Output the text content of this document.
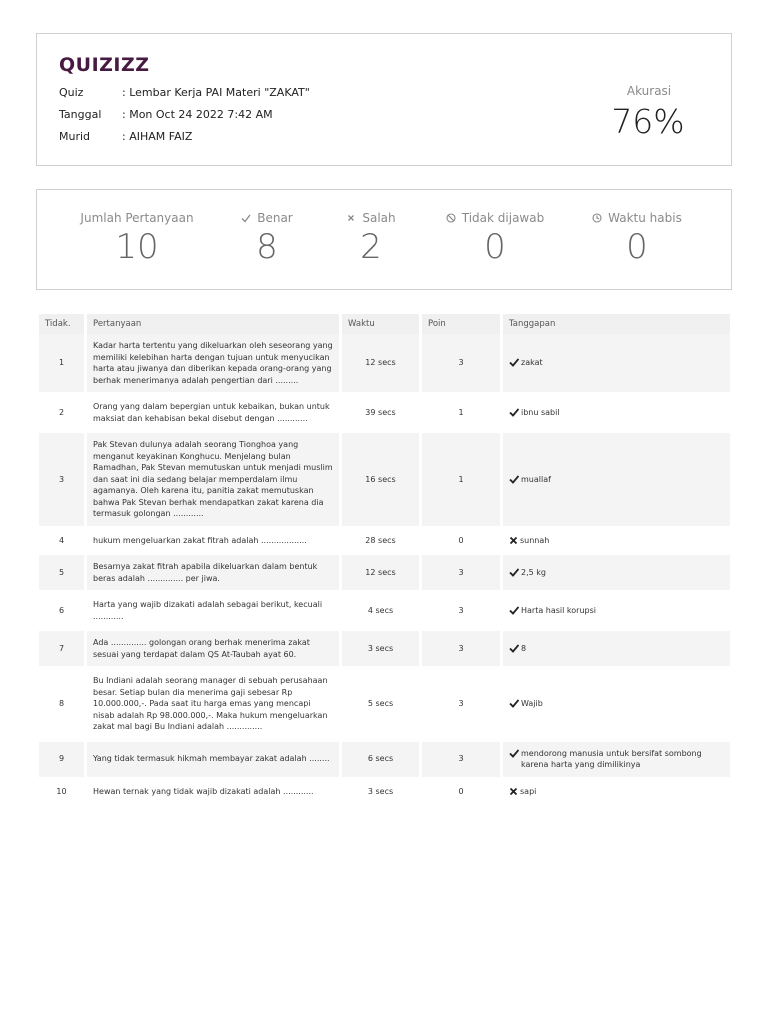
QUIZIZZ
Quiz	: Lembar Kerja PAI Materi "ZAKAT"
Tanggal : Mon Oct 24 2022 7:42 AM
Murid	: AIHAM FAIZ
Akurasi
76%
Jumlah Pertanyaan
10
Benar
8
Salah
2
Tidak dijawab
0
Waktu habis
0
Tidak.	Pertanyaan	Waktu	Poin	Tanggapan
1	Kadar harta tertentu yang dikeluarkan oleh seseorang yang memiliki kelebihan harta dengan tujuan untuk menyucikan harta atau jiwanya dan diberikan kepada orang-orang yang berhak menerimanya adalah pengertian dari .........	12 secs	3	zakat

2	Orang yang dalam bepergian untuk kebaikan, bukan untuk maksiat dan kehabisan bekal disebut dengan ............	39 secs	1	ibnu sabil

3	Pak Stevan dulunya adalah seorang Tionghoa yang menganut keyakinan Konghucu. Menjelang bulan Ramadhan, Pak Stevan memutuskan untuk menjadi muslim dan saat ini dia sedang belajar memperdalam ilmu agamanya. Oleh karena itu, panitia zakat memutuskan bahwa Pak Stevan berhak mendapatkan zakat karena dia termasuk golongan ............	16 secs	1	muallaf

4	hukum mengeluarkan zakat fitrah adalah ..................	28 secs	0	sunnah

5	Besarnya zakat fitrah apabila dikeluarkan dalam bentuk beras adalah .............. per jiwa.	12 secs	3	2,5 kg

6	Harta yang wajib dizakati adalah sebagai berikut, kecuali ............	4 secs	3	Harta hasil korupsi

7	Ada .............. golongan orang berhak menerima zakat sesuai yang terdapat dalam QS At-Taubah ayat 60.	3 secs	3	8

8	Bu Indiani adalah seorang manager di sebuah perusahaan besar. Setiap bulan dia menerima gaji sebesar Rp 10.000.000,-. Pada saat itu harga emas yang mencapi nisab adalah Rp 98.000.000,-. Maka hukum mengeluarkan zakat mal bagi Bu Indiani adalah ..............	5 secs	3	Wajib

9	Yang tidak termasuk hikmah membayar zakat adalah ........	6 secs	3	mendorong manusia untuk bersifat sombong karena harta yang dimilikinya

10	Hewan ternak yang tidak wajib dizakati adalah ............	3 secs	0	sapi
